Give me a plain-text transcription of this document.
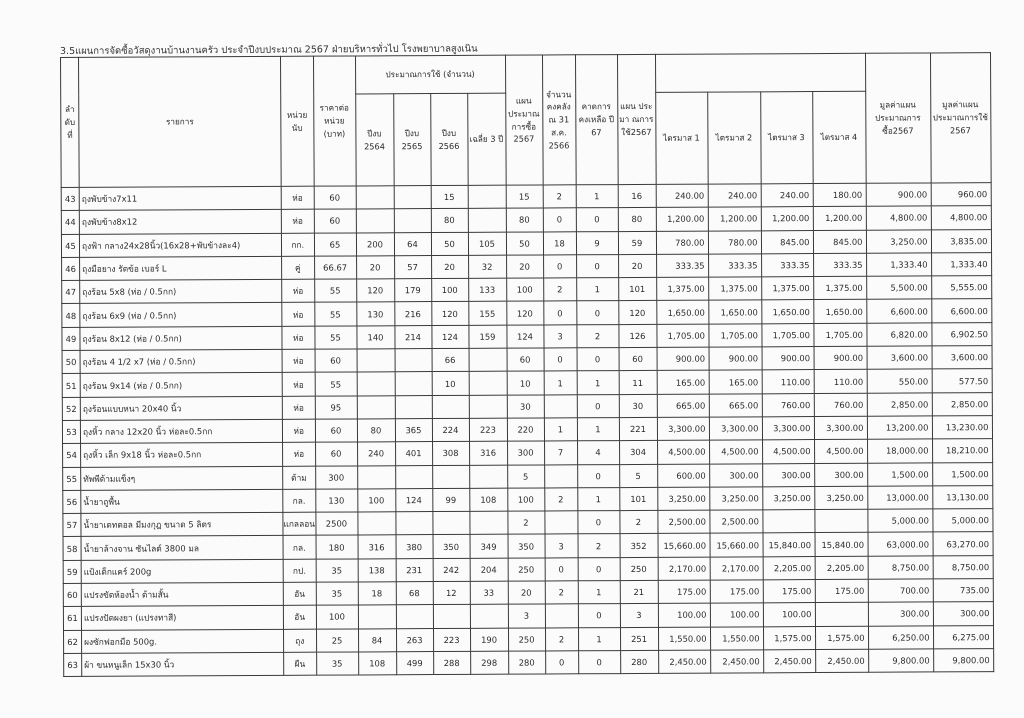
3.5แผนการจัดซื้อวัสดุงานบ้านงานครัว ประจำปีงบประมาณ 2567 ฝ่ายบริหารทั่วไป โรงพยาบาลสูงเนิน
ลำ ดับ ที่	รายการ	หน่วย นับ	ราคาต่อ หน่วย (บาท)	ประมาณการใช้ (จำนวน)				แผน ประมาณ การซื้อ 2567	จำนวน คงคลัง ณ 31 ส.ค. 2566	คาดการ คงเหลือ ปี 67	แผน ประมา ณการ ใช้2567					มูลค่าแผน ประมาณการ ซื้อ2567	มูลค่าแผน ประมาณการใช้ 2567
				ปีงบ 2564	ปีงบ 2565	ปีงบ 2566	เฉลี่ย 3 ปี					ไตรมาส 1	ไตรมาส 2	ไตรมาส 3	ไตรมาส 4		
43	ถุงพับข้าง7x11	ห่อ	60			15		15	2	1	16	240.00	240.00	240.00	180.00	900.00	960.00
44	ถุงพับข้าง8x12	ห่อ	60			80		80	0	0	80	1,200.00	1,200.00	1,200.00	1,200.00	4,800.00	4,800.00
45	ถุงฟ้า กลาง24x28นิ้ว(16x28+พับข้างละ4)	กก.	65	200	64	50	105	50	18	9	59	780.00	780.00	845.00	845.00	3,250.00	3,835.00
46	ถุงมือยาง รัดข้อ เบอร์ L	คู่	66.67	20	57	20	32	20	0	0	20	333.35	333.35	333.35	333.35	1,333.40	1,333.40
47	ถุงร้อน 5x8 (ห่อ / 0.5กก)	ห่อ	55	120	179	100	133	100	2	1	101	1,375.00	1,375.00	1,375.00	1,375.00	5,500.00	5,555.00
48	ถุงร้อน 6x9 (ห่อ / 0.5กก)	ห่อ	55	130	216	120	155	120	0	0	120	1,650.00	1,650.00	1,650.00	1,650.00	6,600.00	6,600.00
49	ถุงร้อน 8x12 (ห่อ / 0.5กก)	ห่อ	55	140	214	124	159	124	3	2	126	1,705.00	1,705.00	1,705.00	1,705.00	6,820.00	6,902.50
50	ถุงร้อน 4 1/2 x7 (ห่อ / 0.5กก)	ห่อ	60			66		60	0	0	60	900.00	900.00	900.00	900.00	3,600.00	3,600.00
51	ถุงร้อน 9x14 (ห่อ / 0.5กก)	ห่อ	55			10		10	1	1	11	165.00	165.00	110.00	110.00	550.00	577.50
52	ถุงร้อนแบบหนา 20x40 นิ้ว	ห่อ	95					30		0	30	665.00	665.00	760.00	760.00	2,850.00	2,850.00
53	ถุงหิ้ว กลาง 12x20 นิ้ว ห่อละ0.5กก	ห่อ	60	80	365	224	223	220	1	1	221	3,300.00	3,300.00	3,300.00	3,300.00	13,200.00	13,230.00
54	ถุงหิ้ว เล็ก 9x18 นิ้ว ห่อละ0.5กก	ห่อ	60	240	401	308	316	300	7	4	304	4,500.00	4,500.00	4,500.00	4,500.00	18,000.00	18,210.00
55	ทัพพีด้ามแข็งๆ	ด้าม	300					5		0	5	600.00	300.00	300.00	300.00	1,500.00	1,500.00
56	น้ำยาถูพื้น	กล.	130	100	124	99	108	100	2	1	101	3,250.00	3,250.00	3,250.00	3,250.00	13,000.00	13,130.00
57	น้ำยาเดทตอล มีมงกุฎ ขนาด 5 ลิตร	แกลลอน	2500					2		0	2	2,500.00	2,500.00			5,000.00	5,000.00
58	น้ำยาล้างจาน ซันไลต์ 3800 มล	กล.	180	316	380	350	349	350	3	2	352	15,660.00	15,660.00	15,840.00	15,840.00	63,000.00	63,270.00
59	แป้งเด็กแคร์ 200g	กป.	35	138	231	242	204	250	0	0	250	2,170.00	2,170.00	2,205.00	2,205.00	8,750.00	8,750.00
60	แปรงขัดห้องน้ำ ด้ามสั้น	อัน	35	18	68	12	33	20	2	1	21	175.00	175.00	175.00	175.00	700.00	735.00
61	แปรงปัดผงยา (แปรงทาสี)	อัน	100					3		0	3	100.00	100.00	100.00		300.00	300.00
62	ผงซักฟอกมือ 500g.	ถุง	25	84	263	223	190	250	2	1	251	1,550.00	1,550.00	1,575.00	1,575.00	6,250.00	6,275.00
63	ผ้า ขนหนูเล็ก 15x30 นิ้ว	ผืน	35	108	499	288	298	280	0	0	280	2,450.00	2,450.00	2,450.00	2,450.00	9,800.00	9,800.00
